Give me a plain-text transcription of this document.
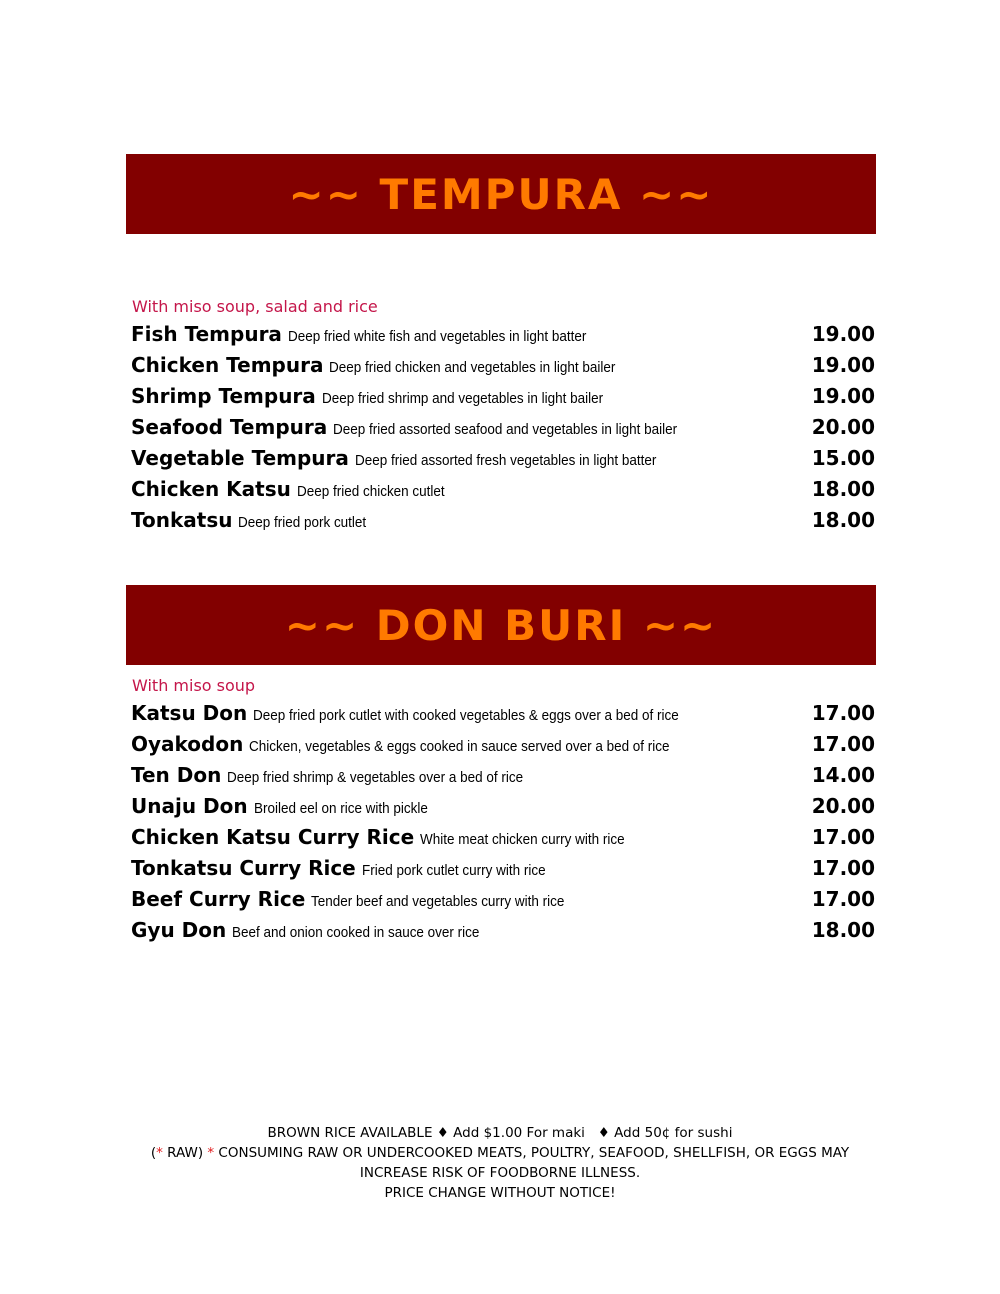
~~ TEMPURA ~~
With miso soup, salad and rice
Fish Tempura Deep fried white fish and vegetables in light batter	19.00
Chicken Tempura Deep fried chicken and vegetables in light bailer	19.00
Shrimp Tempura Deep fried shrimp and vegetables in light bailer	19.00
Seafood Tempura Deep fried assorted seafood and vegetables in light bailer	20.00
Vegetable Tempura Deep fried assorted fresh vegetables in light batter	15.00
Chicken Katsu Deep fried chicken cutlet	18.00
Tonkatsu Deep fried pork cutlet	18.00
~~ DON BURI ~~
With miso soup
Katsu Don Deep fried pork cutlet with cooked vegetables & eggs over a bed of rice	17.00
Oyakodon Chicken, vegetables & eggs cooked in sauce served over a bed of rice	17.00
Ten Don Deep fried shrimp & vegetables over a bed of rice	14.00
Unaju Don Broiled eel on rice with pickle	20.00
Chicken Katsu Curry Rice White meat chicken curry with rice	17.00
Tonkatsu Curry Rice Fried pork cutlet curry with rice	17.00
Beef Curry Rice Tender beef and vegetables curry with rice	17.00
Gyu Don Beef and onion cooked in sauce over rice	18.00
BROWN RICE AVAILABLE ♦ Add $1.00 For maki   ♦ Add 50¢ for sushi
(* RAW) * CONSUMING RAW OR UNDERCOOKED MEATS, POULTRY, SEAFOOD, SHELLFISH, OR EGGS MAY
INCREASE RISK OF FOODBORNE ILLNESS.
PRICE CHANGE WITHOUT NOTICE!
